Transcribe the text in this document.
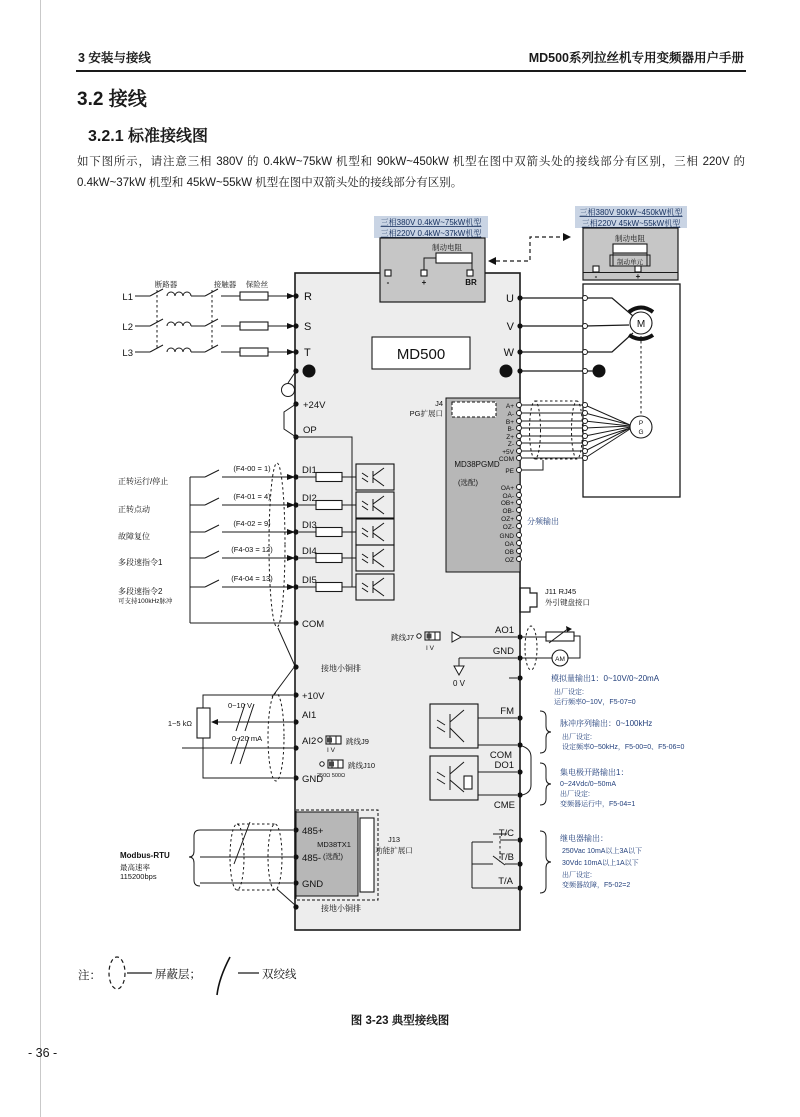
3 安装与接线	MD500系列拉丝机专用变频器用户手册
3.2 接线
3.2.1 标准接线图
如下图所示，请注意三相 380V 的 0.4kW~75kW 机型和 90kW~450kW 机型在图中双箭头处的接线部分有区别，三相 220V 的 0.4kW~37kW 机型和 45kW~55kW 机型在图中双箭头处的接线部分有区别。
MD500
三相380V 0.4kW~75kW机型
三相220V 0.4kW~37kW机型
制动电阻
-	+	BR
三相380V 90kW~450kW机型
三相220V 45kW~55kW机型
制动电阻
制动单元
-	+
L1
L2
L3
断路器	接触器 保险丝
R
S
T
U
V
W
M
P
G
J4
PG扩展口
MD38PGMD
(选配)
A+
A-
B+
B-
Z+
Z-
+5V
COM
PE
OA+
OA-
OB+
OB-
OZ+
OZ-
GND
OA
OB
OZ
分频输出
J11 RJ45
外引键盘接口
+24V
OP
正转运行/停止
(F4-00 = 1)	DI1
正转点动
(F4-01 = 4)	DI2
故障复位
(F4-02 = 9)	DI3
多段速指令1
(F4-03 = 12)	DI4
多段速指令2
(F4-04 = 13)	DI5
可支持100kHz脉冲
COM
接地小铜排
+10V
AI1
AI2
GND
1~5 kΩ
0~10 V
0~20 mA	跳线J9
I V
跳线J10
250Ω 500Ω
跳线J7
I V
AO1
GND
AM
0 V
模拟量输出1：0~10V/0~20mA
出厂设定:
运行频率0~10V，F5-07=0
FM
COM
脉冲序列输出：0~100kHz
出厂设定:
设定频率0~50kHz，F5-00=0、F5-06=0
DO1
CME
集电极开路输出1：
0~24Vdc/0~50mA
出厂设定:
变频器运行中，F5-04=1
T/C
T/B
T/A
继电器输出：
250Vac 10mA以上3A以下
30Vdc 10mA以上1A以下
出厂设定:
变频器故障，F5-02=2
Modbus-RTU
最高速率
115200bps
485+
485-
GND
MD38TX1
(选配)
J13
功能扩展口
接地小铜排
注：	屏蔽层；	双绞线
图 3-23 典型接线图
- 36 -
